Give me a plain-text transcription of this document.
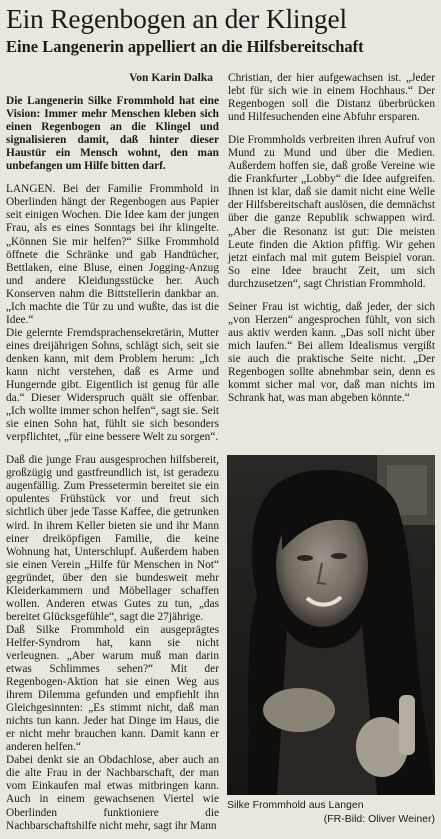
Ein Regenbogen an der Klingel
Eine Langenerin appelliert an die Hilfsbereitschaft

Von Karin Dalka

Die Langenerin Silke Frommhold hat eine Vision: Immer mehr Menschen kleben sich einen Regenbogen an die Klingel und signalisieren damit, daß hinter dieser Haustür ein Mensch wohnt, den man unbefangen um Hilfe bitten darf.

LANGEN. Bei der Familie Frommhold in Oberlinden hängt der Regenbogen aus Papier seit einigen Wochen. Die Idee kam der jungen Frau, als es eines Sonntags bei ihr klingelte. „Können Sie mir helfen?“ Silke Frommhold öffnete die Schränke und gab Handtücher, Bettlaken, eine Bluse, einen Jogging-Anzug und andere Kleidungsstücke her. Auch Konserven nahm die Bittstellerin dankbar an. „Ich machte die Tür zu und wußte, das ist die Idee.“

Die gelernte Fremdsprachensekretärin, Mutter eines dreijährigen Sohns, schlägt sich, seit sie denken kann, mit dem Problem herum: „Ich kann nicht verstehen, daß es Arme und Hungernde gibt. Eigentlich ist genug für alle da.“ Dieser Widerspruch quält sie offenbar. „Ich wollte immer schon helfen“, sagt sie. Seit sie einen Sohn hat, fühlt sie sich besonders verpflichtet, „für eine bessere Welt zu sorgen“.

Daß die junge Frau ausgesprochen hilfsbereit, großzügig und gastfreundlich ist, ist geradezu augenfällig. Zum Pressetermin bereitet sie ein opulentes Frühstück vor und freut sich sichtlich über jede Tasse Kaffee, die getrunken wird. In ihrem Keller bieten sie und ihr Mann einer dreiköpfigen Familie, die keine Wohnung hat, Unterschlupf. Außerdem haben sie einen Verein „Hilfe für Menschen in Not“ gegründet, über den sie bundesweit mehr Kleiderkammern und Möbellager schaffen wollen. Anderen etwas Gutes zu tun, „das bereitet Glücksgefühle“, sagt die 27jährige.

Daß Silke Frommhold ein ausgeprägtes Helfer-Syndrom hat, kann sie nicht verleugnen. „Aber warum muß man darin etwas Schlimmes sehen?“ Mit der Regenbogen-Aktion hat sie einen Weg aus ihrem Dilemma gefunden und empfiehlt ihn Gleichgesinnten: „Es stimmt nicht, daß man nichts tun kann. Jeder hat Dinge im Haus, die er nicht mehr brauchen kann. Damit kann er anderen helfen.“

Dabei denkt sie an Obdachlose, aber auch an die alte Frau in der Nachbarschaft, der man vom Einkaufen mal etwas mitbringen kann. Auch in einem gewachsenen Viertel wie Oberlinden funktioniere die Nachbarschaftshilfe nicht mehr, sagt ihr Mann

Christian, der hier aufgewachsen ist. „Jeder lebt für sich wie in einem Hochhaus.“ Der Regenbogen soll die Distanz überbrücken und Hilfesuchenden eine Abfuhr ersparen.

Die Frommholds verbreiten ihren Aufruf von Mund zu Mund und über die Medien. Außerdem hoffen sie, daß große Vereine wie die Frankfurter „Lobby“ die Idee aufgreifen. Ihnen ist klar, daß sie damit nicht eine Welle der Hilfsbereitschaft auslösen, die demnächst über die ganze Republik schwappen wird. „Aber die Resonanz ist gut: Die meisten Leute finden die Aktion pfiffig. Wir gehen jetzt einfach mal mit gutem Beispiel voran. So eine Idee braucht Zeit, um sich durchzusetzen“, sagt Christian Frommhold.

Seiner Frau ist wichtig, daß jeder, der sich „von Herzen“ angesprochen fühlt, von sich aus aktiv werden kann. „Das soll nicht über mich laufen.“ Bei allem Idealismus vergißt sie auch die praktische Seite nicht. „Der Regenbogen sollte abnehmbar sein, denn es kommt sicher mal vor, daß man nichts im Schrank hat, was man abgeben könnte.“

Silke Frommhold aus Langen
(FR-Bild: Oliver Weiner)
